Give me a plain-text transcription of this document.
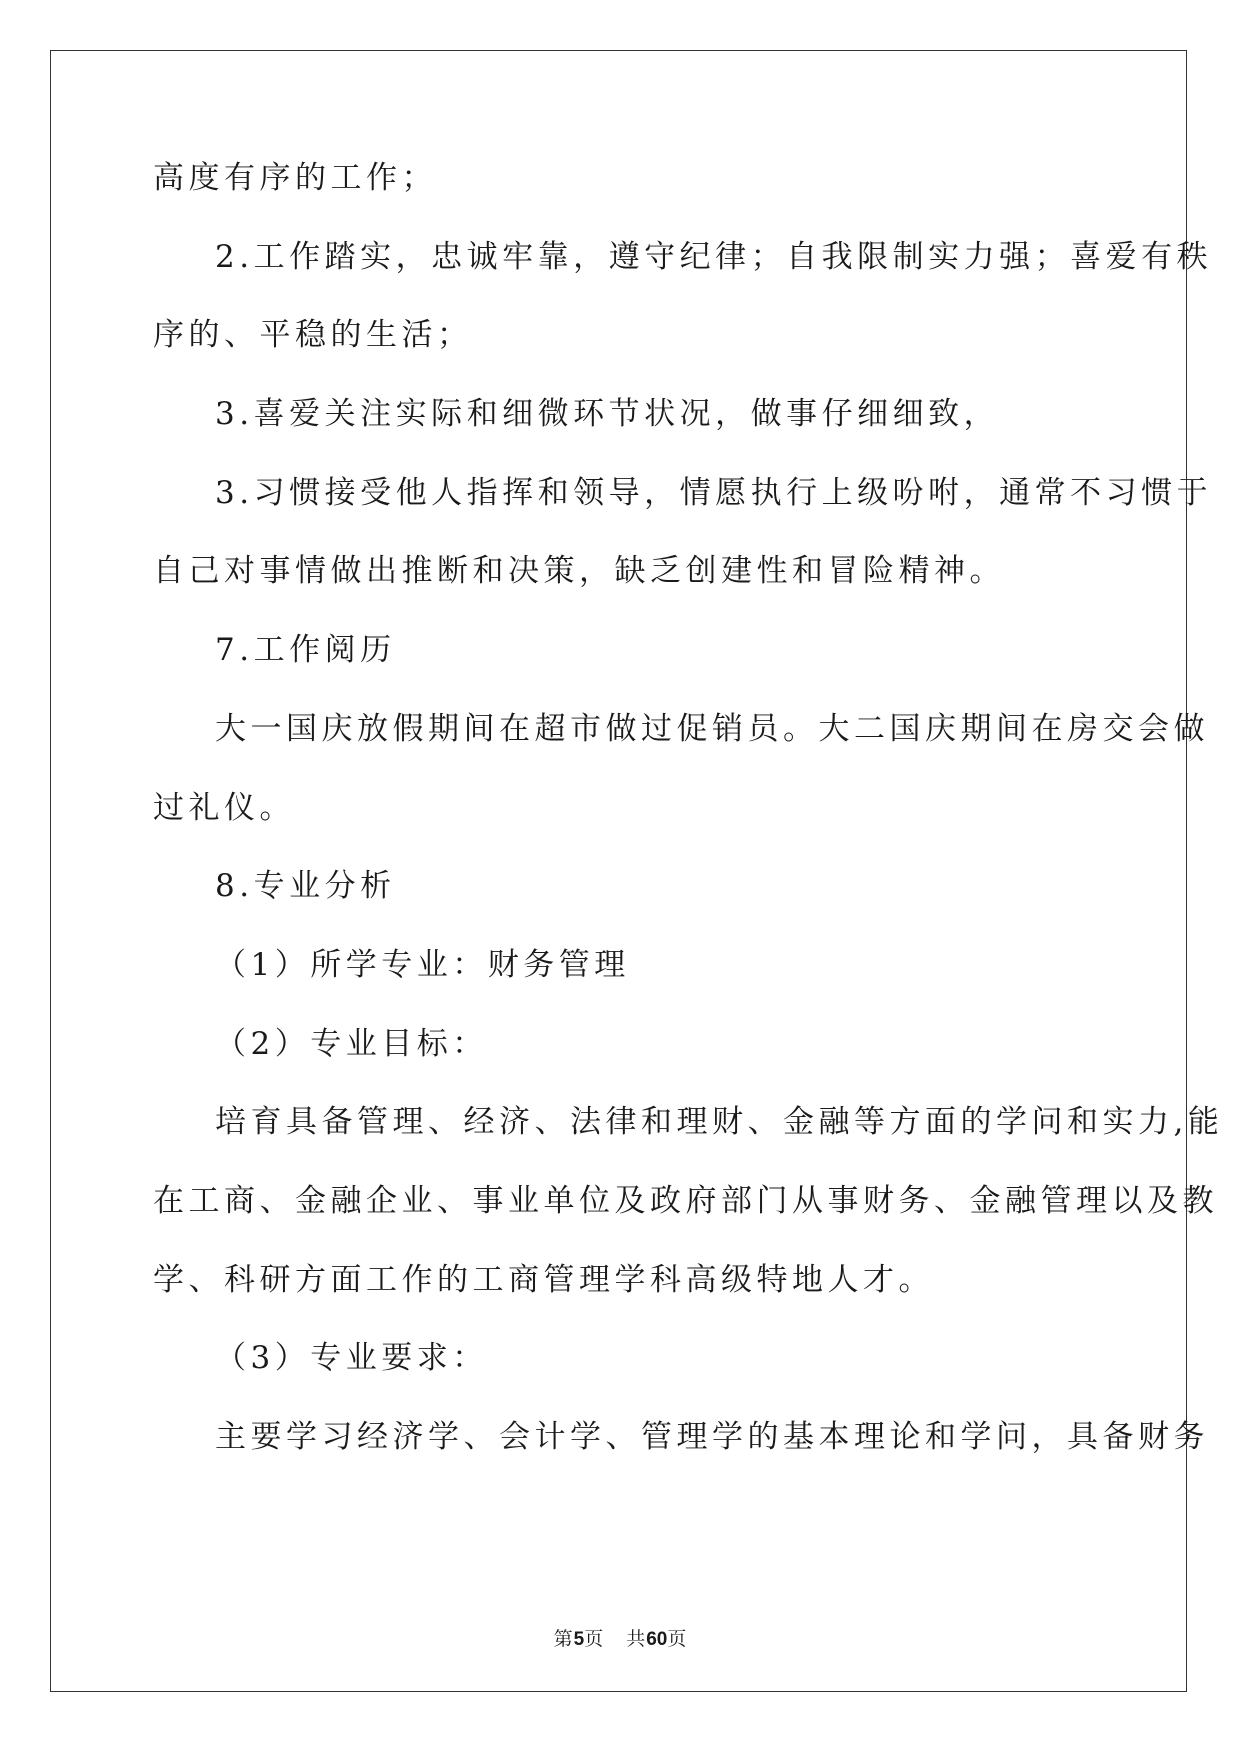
高度有序的工作；
2.工作踏实，忠诚牢靠，遵守纪律；自我限制实力强；喜爱有秩
序的、平稳的生活；
3.喜爱关注实际和细微环节状况，做事仔细细致，
3.习惯接受他人指挥和领导，情愿执行上级吩咐，通常不习惯于
自己对事情做出推断和决策，缺乏创建性和冒险精神。
7.工作阅历
大一国庆放假期间在超市做过促销员。大二国庆期间在房交会做
过礼仪。
8.专业分析
（1）所学专业：财务管理
（2）专业目标：
培育具备管理、经济、法律和理财、金融等方面的学问和实力,能
在工商、金融企业、事业单位及政府部门从事财务、金融管理以及教
学、科研方面工作的工商管理学科高级特地人才。
（3）专业要求：
主要学习经济学、会计学、管理学的基本理论和学问，具备财务
第5页 共60页
